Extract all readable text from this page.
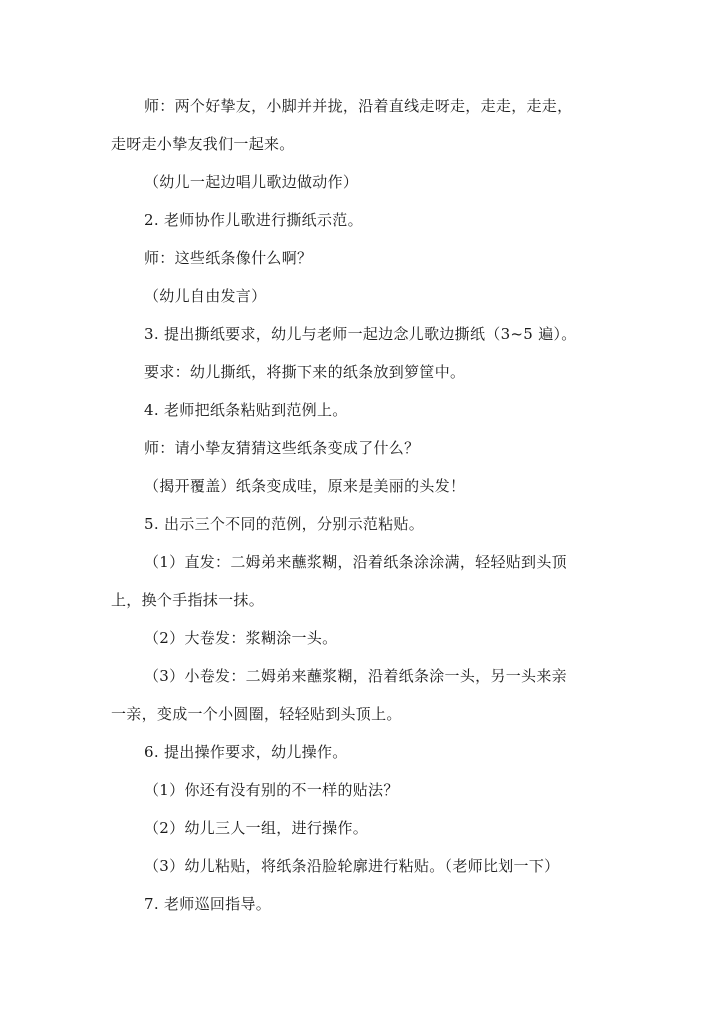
师：两个好挚友，小脚并并拢，沿着直线走呀走，走走，走走，
走呀走小挚友我们一起来。
（幼儿一起边唱儿歌边做动作）
2. 老师协作儿歌进行撕纸示范。
师：这些纸条像什么啊？
（幼儿自由发言）
3. 提出撕纸要求，幼儿与老师一起边念儿歌边撕纸（3~5 遍）。
要求：幼儿撕纸，将撕下来的纸条放到箩筐中。
4. 老师把纸条粘贴到范例上。
师：请小挚友猜猜这些纸条变成了什么？
（揭开覆盖）纸条变成哇，原来是美丽的头发！
5. 出示三个不同的范例，分别示范粘贴。
（1）直发：二姆弟来蘸浆糊，沿着纸条涂涂满，轻轻贴到头顶
上，换个手指抹一抹。
（2）大卷发：浆糊涂一头。
（3）小卷发：二姆弟来蘸浆糊，沿着纸条涂一头，另一头来亲
一亲，变成一个小圆圈，轻轻贴到头顶上。
6. 提出操作要求，幼儿操作。
（1）你还有没有别的不一样的贴法？
（2）幼儿三人一组，进行操作。
（3）幼儿粘贴，将纸条沿脸轮廓进行粘贴。（老师比划一下）
7. 老师巡回指导。
